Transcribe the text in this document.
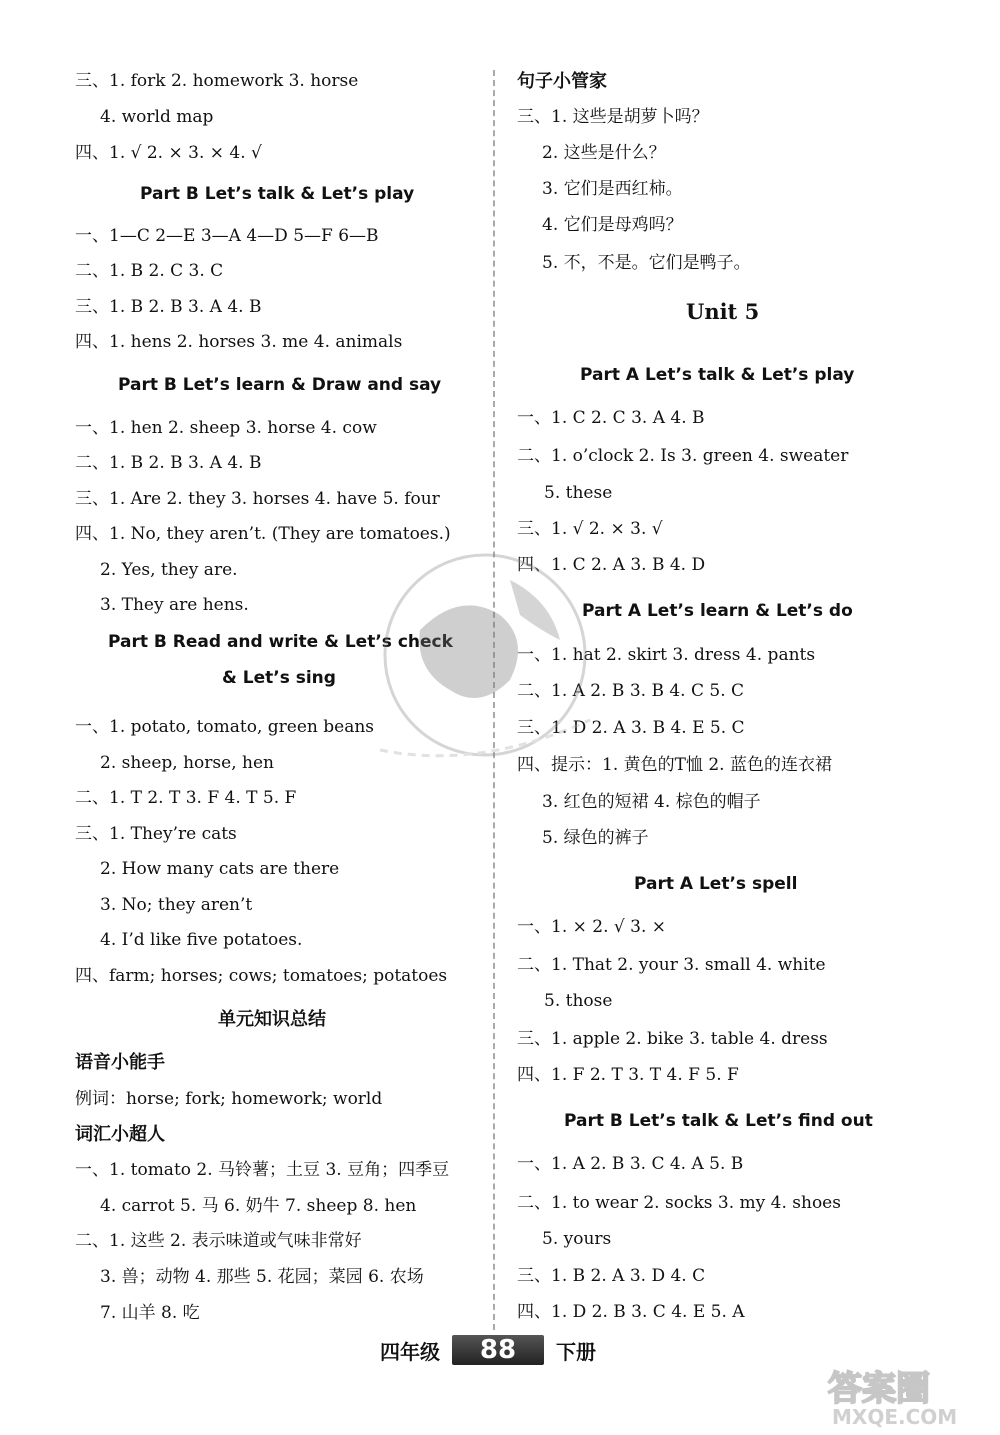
三、1. fork 2. homework 3. horse
4. world map
四、1. √ 2. × 3. × 4. √
Part B Let’s talk & Let’s play
一、1—C 2—E 3—A 4—D 5—F 6—B
二、1. B 2. C 3. C
三、1. B 2. B 3. A 4. B
四、1. hens 2. horses 3. me 4. animals
Part B Let’s learn & Draw and say
一、1. hen 2. sheep 3. horse 4. cow
二、1. B 2. B 3. A 4. B
三、1. Are 2. they 3. horses 4. have 5. four
四、1. No, they aren’t. (They are tomatoes.)
2. Yes, they are.
3. They are hens.
Part B Read and write & Let’s check
& Let’s sing
一、1. potato, tomato, green beans
2. sheep, horse, hen
二、1. T 2. T 3. F 4. T 5. F
三、1. They’re cats
2. How many cats are there
3. No; they aren’t
4. I’d like five potatoes.
四、farm; horses; cows; tomatoes; potatoes
单元知识总结
语音小能手
例词：horse; fork; homework; world
词汇小超人
一、1. tomato 2. 马铃薯；土豆 3. 豆角；四季豆
4. carrot 5. 马 6. 奶牛 7. sheep 8. hen
二、1. 这些 2. 表示味道或气味非常好
3. 兽；动物 4. 那些 5. 花园；菜园 6. 农场
7. 山羊 8. 吃
句子小管家
三、1. 这些是胡萝卜吗？
2. 这些是什么？
3. 它们是西红柿。
4. 它们是母鸡吗？
5. 不，不是。它们是鸭子。
Unit 5
Part A Let’s talk & Let’s play
一、1. C 2. C 3. A 4. B
二、1. o’clock 2. Is 3. green 4. sweater
5. these
三、1. √ 2. × 3. √
四、1. C 2. A 3. B 4. D
Part A Let’s learn & Let’s do
一、1. hat 2. skirt 3. dress 4. pants
二、1. A 2. B 3. B 4. C 5. C
三、1. D 2. A 3. B 4. E 5. C
四、提示：1. 黄色的T恤 2. 蓝色的连衣裙
3. 红色的短裙 4. 棕色的帽子
5. 绿色的裤子
Part A Let’s spell
一、1. × 2. √ 3. ×
二、1. That 2. your 3. small 4. white
5. those
三、1. apple 2. bike 3. table 4. dress
四、1. F 2. T 3. T 4. F 5. F
Part B Let’s talk & Let’s find out
一、1. A 2. B 3. C 4. A 5. B
二、1. to wear 2. socks 3. my 4. shoes
5. yours
三、1. B 2. A 3. D 4. C
四、1. D 2. B 3. C 4. E 5. A
四年级	88	下册
答案圈
MXQE.COM
